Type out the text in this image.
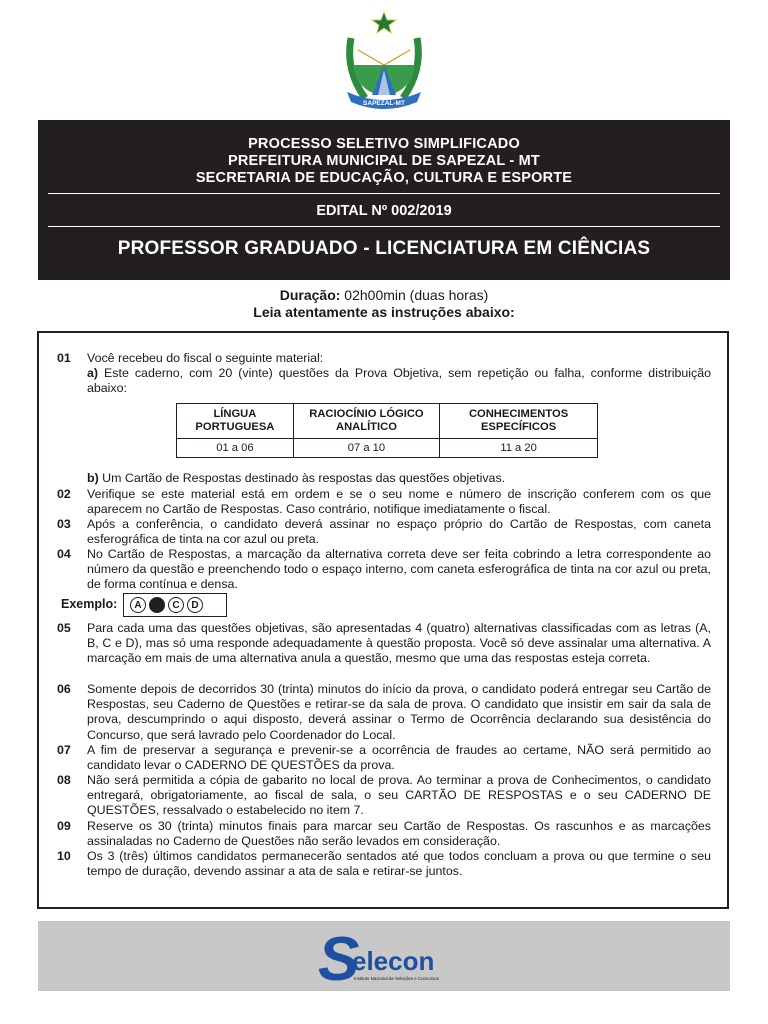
SAPEZAL-MT
PROCESSO SELETIVO SIMPLIFICADO
PREFEITURA MUNICIPAL DE SAPEZAL - MT
SECRETARIA DE EDUCAÇÃO, CULTURA E ESPORTE
EDITAL Nº 002/2019
PROFESSOR GRADUADO - LICENCIATURA EM CIÊNCIAS
Duração: 02h00min (duas horas)
Leia atentamente as instruções abaixo:
01	Você recebeu do fiscal o seguinte material:
a) Este caderno, com 20 (vinte) questões da Prova Objetiva, sem repetição ou falha, conforme distribuição abaixo:
LÍNGUA PORTUGUESA	RACIOCÍNIO LÓGICO ANALÍTICO	CONHECIMENTOS ESPECÍFICOS
01 a 06	07 a 10	11 a 20
b) Um Cartão de Respostas destinado às respostas das questões objetivas.
02	Verifique se este material está em ordem e se o seu nome e número de inscrição conferem com os que aparecem no Cartão de Respostas. Caso contrário, notifique imediatamente o fiscal.
03	Após a conferência, o candidato deverá assinar no espaço próprio do Cartão de Respostas, com caneta esferográfica de tinta na cor azul ou preta.
04	No Cartão de Respostas, a marcação da alternativa correta deve ser feita cobrindo a letra correspondente ao número da questão e preenchendo todo o espaço interno, com caneta esferográfica de tinta na cor azul ou preta, de forma contínua e densa.
Exemplo:	A	C	D
05	Para cada uma das questões objetivas, são apresentadas 4 (quatro) alternativas classificadas com as letras (A, B, C e D), mas só uma responde adequadamente à questão proposta. Você só deve assinalar uma alternativa. A marcação em mais de uma alternativa anula a questão, mesmo que uma das respostas esteja correta.
06	Somente depois de decorridos 30 (trinta) minutos do início da prova, o candidato poderá entregar seu Cartão de Respostas, seu Caderno de Questões e retirar-se da sala de prova. O candidato que insistir em sair da sala de prova, descumprindo o aqui disposto, deverá assinar o Termo de Ocorrência declarando sua desistência do Concurso, que será lavrado pelo Coordenador do Local.
07	A fim de preservar a segurança e prevenir-se a ocorrência de fraudes ao certame, NÃO será permitido ao candidato levar o CADERNO DE QUESTÕES da prova.
08	Não será permitida a cópia de gabarito no local de prova. Ao terminar a prova de Conhecimentos, o candidato entregará, obrigatoriamente, ao fiscal de sala, o seu CARTÃO DE RESPOSTAS e o seu CADERNO DE QUESTÕES, ressalvado o estabelecido no item 7.
09	Reserve os 30 (trinta) minutos finais para marcar seu Cartão de Respostas. Os rascunhos e as marcações assinaladas no Caderno de Questões não serão levados em consideração.
10	Os 3 (três) últimos candidatos permanecerão sentados até que todos concluam a prova ou que termine o seu tempo de duração, devendo assinar a ata de sala e retirar-se juntos.
S
elecon
Instituto Nacional de Seleções e Concursos
